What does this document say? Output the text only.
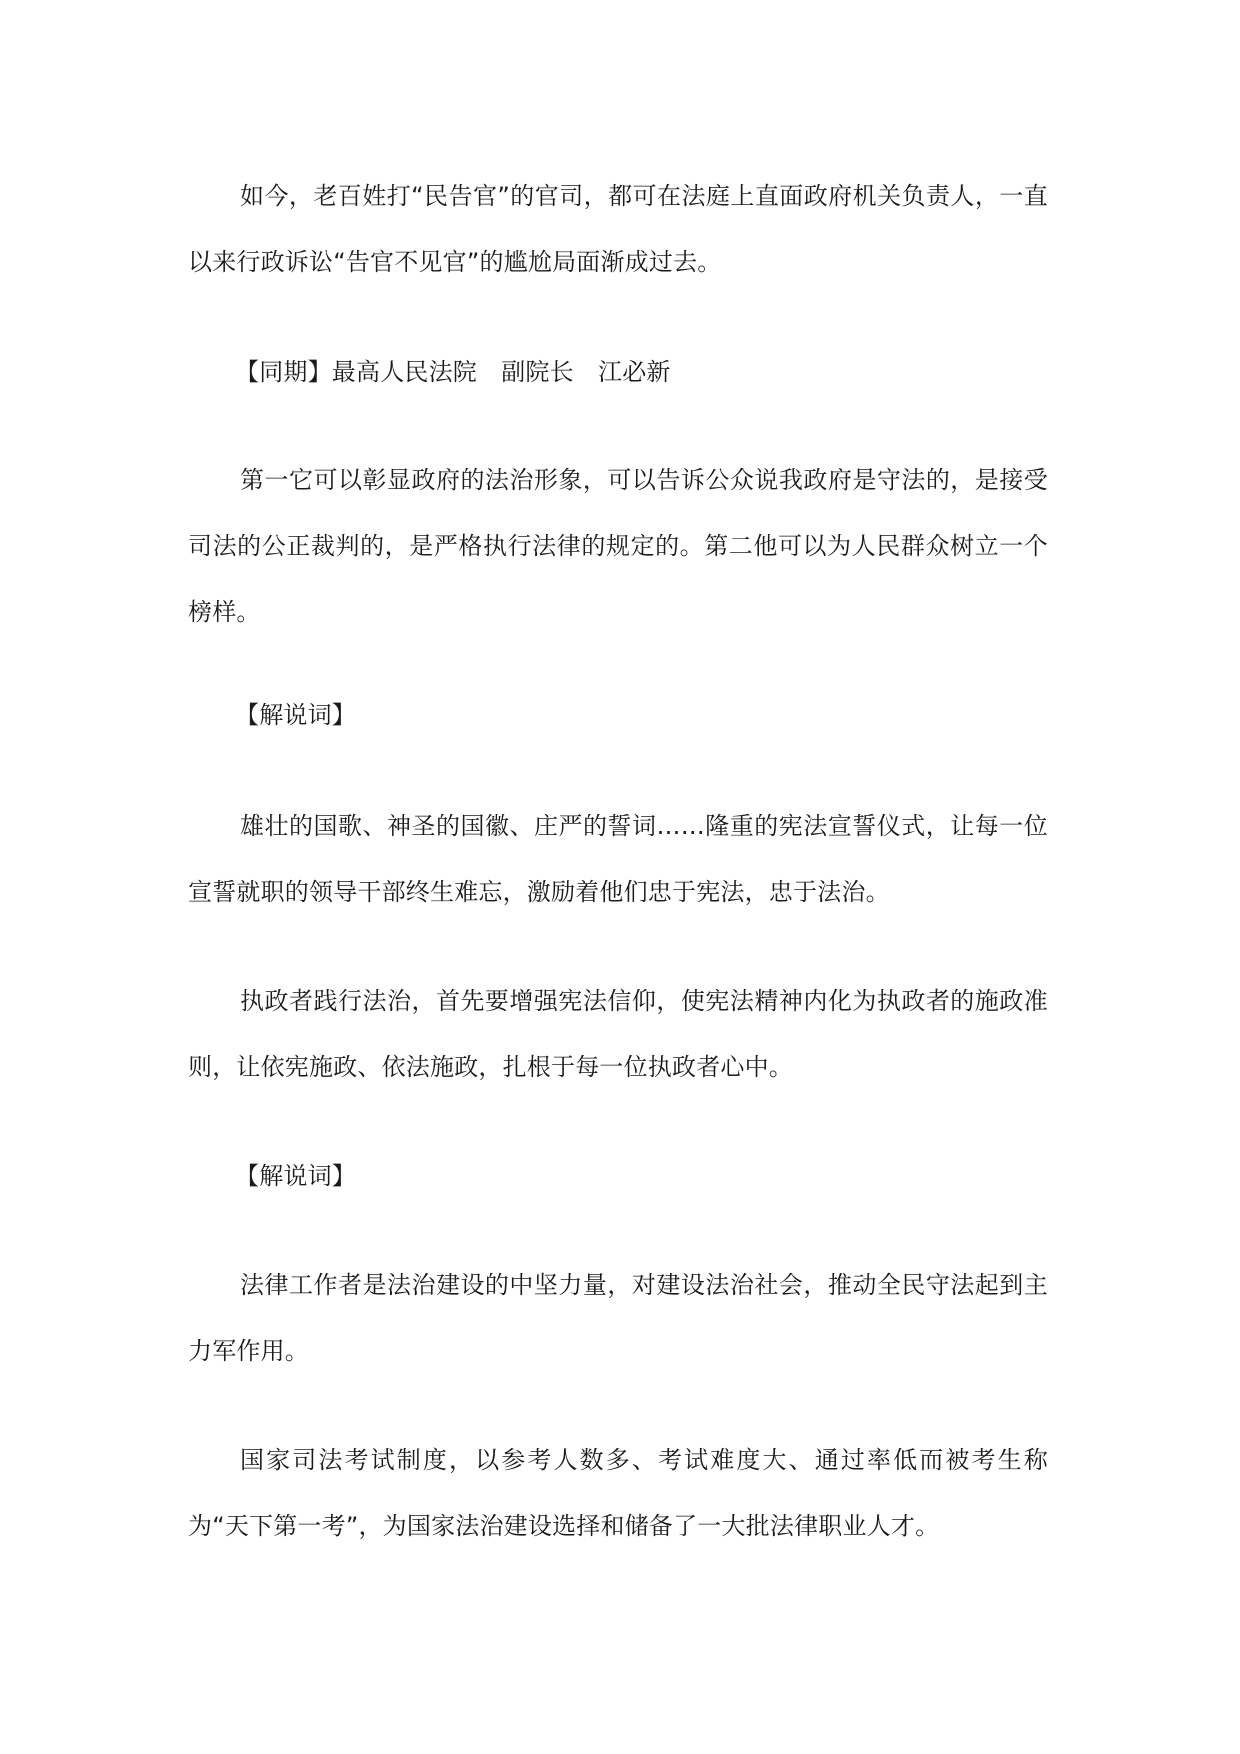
如今，老百姓打“民告官”的官司，都可在法庭上直面政府机关负责人，一直以来行政诉讼“告官不见官”的尴尬局面渐成过去。

【同期】最高人民法院　副院长　江必新

第一它可以彰显政府的法治形象，可以告诉公众说我政府是守法的，是接受司法的公正裁判的，是严格执行法律的规定的。第二他可以为人民群众树立一个榜样。

【解说词】

雄壮的国歌、神圣的国徽、庄严的誓词……隆重的宪法宣誓仪式，让每一位宣誓就职的领导干部终生难忘，激励着他们忠于宪法，忠于法治。

执政者践行法治，首先要增强宪法信仰，使宪法精神内化为执政者的施政准则，让依宪施政、依法施政，扎根于每一位执政者心中。

【解说词】

法律工作者是法治建设的中坚力量，对建设法治社会，推动全民守法起到主力军作用。

国家司法考试制度，以参考人数多、考试难度大、通过率低而被考生称为“天下第一考”，为国家法治建设选择和储备了一大批法律职业人才。
